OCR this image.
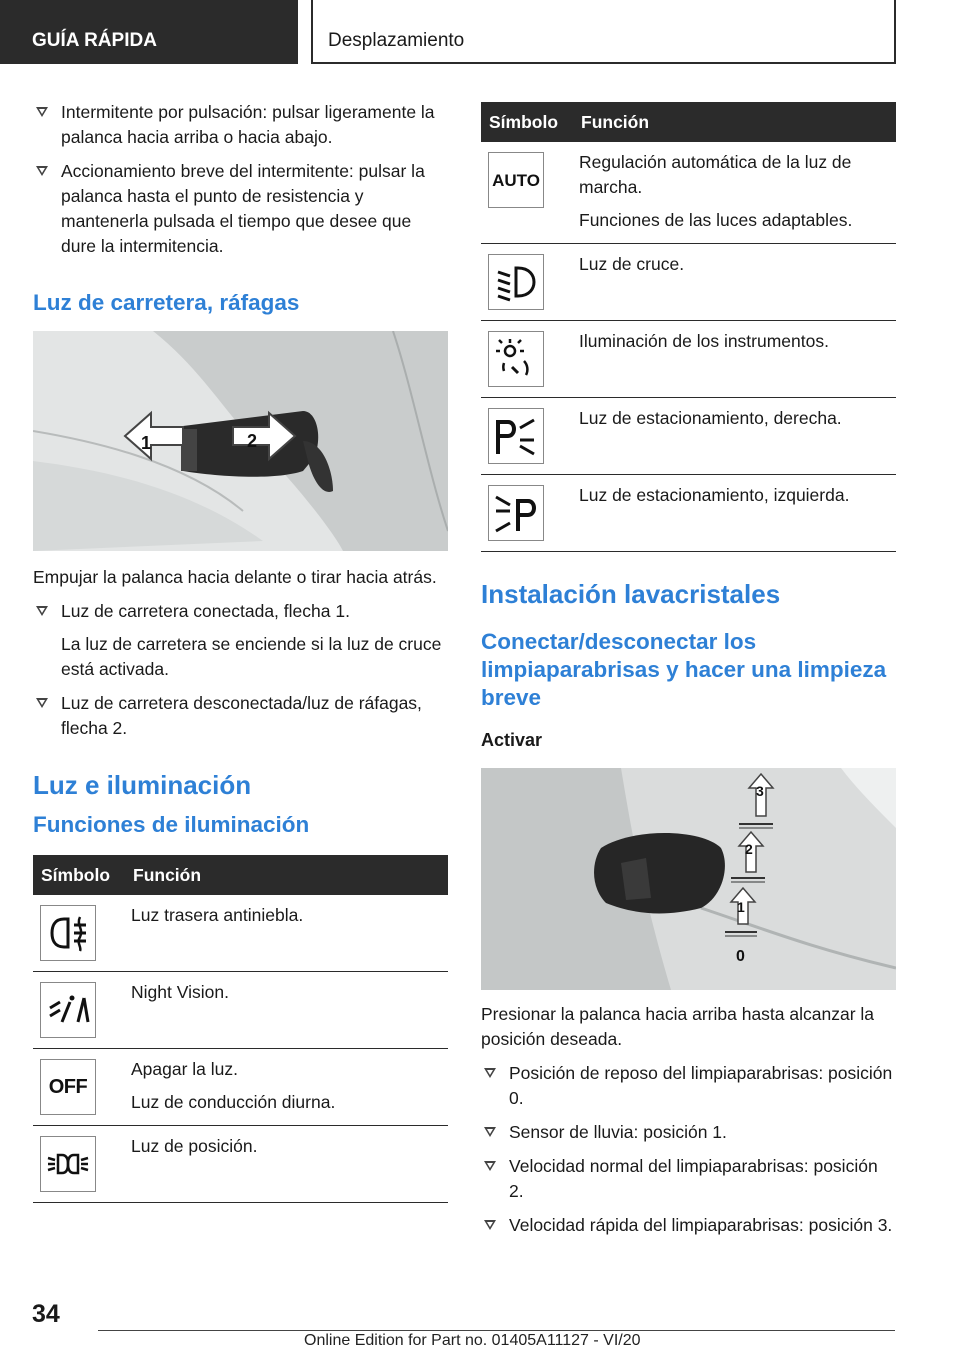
GUÍA RÁPIDA	Desplazamiento

Intermitente por pulsación: pulsar ligeramente la palanca hacia arriba o hacia abajo.

Accionamiento breve del intermitente: pulsar la palanca hasta el punto de resistencia y mantenerla pulsada el tiempo que desee que dure la intermitencia.

Luz de carretera, ráfagas
1	2
Empujar la palanca hacia delante o tirar hacia atrás.

Luz de carretera conectada, flecha 1.

La luz de carretera se enciende si la luz de cruce está activada.

Luz de carretera desconectada/luz de ráfagas, flecha 2.

Luz e iluminación
Funciones de iluminación
Símbolo	Función

Luz trasera antiniebla.

Night Vision.

OFF	Apagar la luz.

Luz de conducción diurna.

Luz de posición.

Símbolo	Función

AUTO	Regulación automática de la luz de marcha.

Funciones de las luces adaptables.

Luz de cruce.

Iluminación de los instrumentos.

Luz de estacionamiento, derecha.

Luz de estacionamiento, izquierda.

Instalación lavacristales
Conectar/desconectar los limpiaparabrisas y hacer una limpieza breve
Activar
3
2
1
0
Presionar la palanca hacia arriba hasta alcanzar la posición deseada.

Posición de reposo del limpiaparabrisas: posición 0.

Sensor de lluvia: posición 1.

Velocidad normal del limpiaparabrisas: posición 2.

Velocidad rápida del limpiaparabrisas: posición 3.

34
Online Edition for Part no. 01405A11127 - VI/20
